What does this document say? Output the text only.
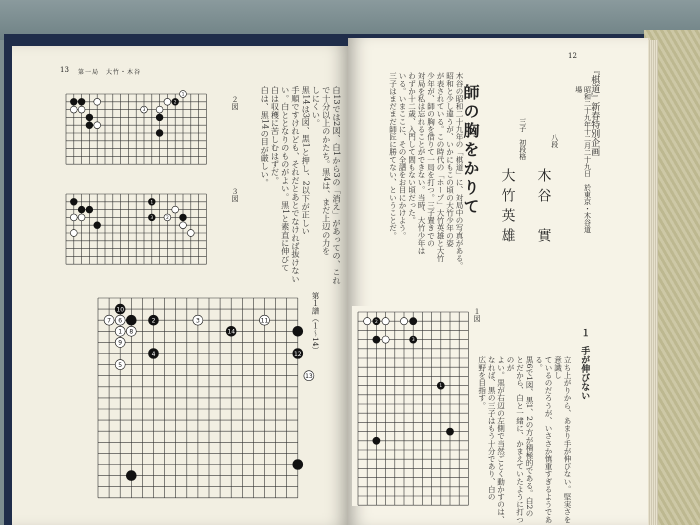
13 第一局　大竹・木谷
2
3
1
２図
1
3	2
３図	白13では2図、白1から3の「消え」があっての、これ
で十分以上のかたち。黒4は、まだ上辺の力を
しにくい。
黒14は3図、黒1と押し、2以下が正しい
手順ですけれども、それだとあとでなければ抜けない
い。白ととなりのものがよい。黒1と素直に伸びて
白は収穫に苦しむはずだ。
白は、黒14の目が厳しい。
10
7 6	2
1 8
3
14
11
9
4	12
5
13
第１譜（１〜14）
12
『棋道』新春特別企画
昭和二十九年十二月二十九日　於東京・木谷道場
八段
木谷　實
三子　初段格
大竹英雄
木谷の昭和二十九年の「棋道」に、対局中の写真がある。
昭和と少し違うが、いかにもこの頃の大竹少年の姿
が表されている。この時代の「ホープ」大竹英雄と大竹
少年が、師の胸を借りて一局を打つ。三子置きでの
対局を私は忘れることができない。当時、大竹少年は
わずか十二歳、入門して間もない頃だった。
いる。いまここに、その全譜をお目にかけよう。
三子はまだまだ師匠に勝てない、ということだ。	師の胸をかりて
2
3
1
１図
１　手が伸びない
立ち上がりから、あまり手が伸びない。堅実さを意識し
ているのだろうが、いささか慎重すぎるようである。
黒6で1図、黒1、2の方が積極的である。白2の
とだから、白と一緒に、かまえていたように打つのが
よい。黒が右辺の左側で当然ごとく動かすのは、
なれば、黒の三子はもう十分であり、白の
広野を目指す。
